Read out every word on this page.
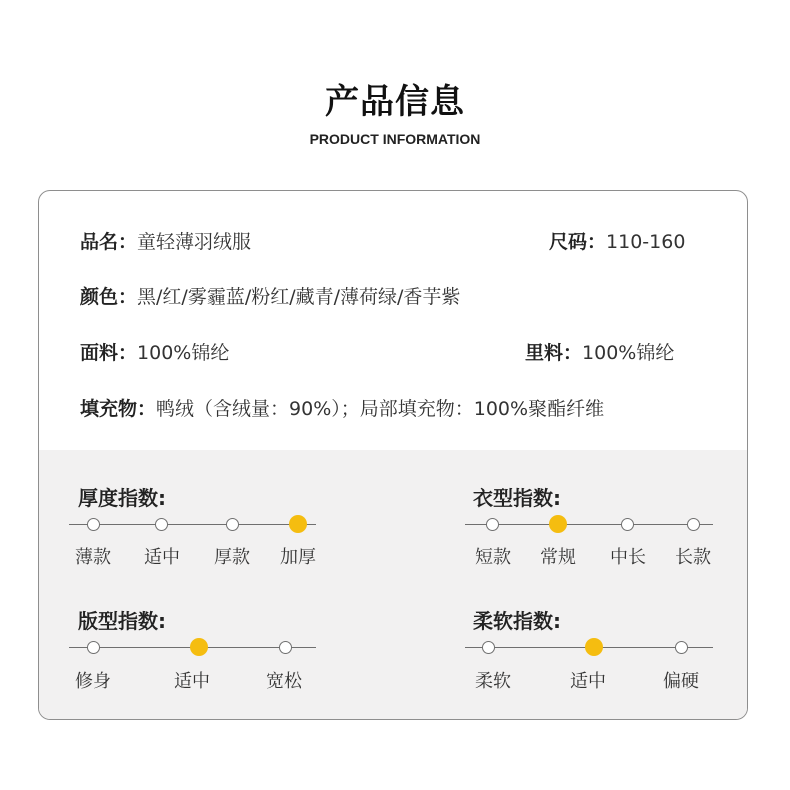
产品信息
PRODUCT INFORMATION
品名：童轻薄羽绒服	尺码：110-160
颜色：黑/红/雾霾蓝/粉红/藏青/薄荷绿/香芋紫
面料：100%锦纶	里料：100%锦纶
填充物：鸭绒（含绒量：90%）；局部填充物：100%聚酯纤维
厚度指数:
薄款	适中	厚款	加厚
衣型指数:
短款	常规	中长	长款
版型指数:
修身	适中	宽松
柔软指数:
柔软	适中	偏硬
